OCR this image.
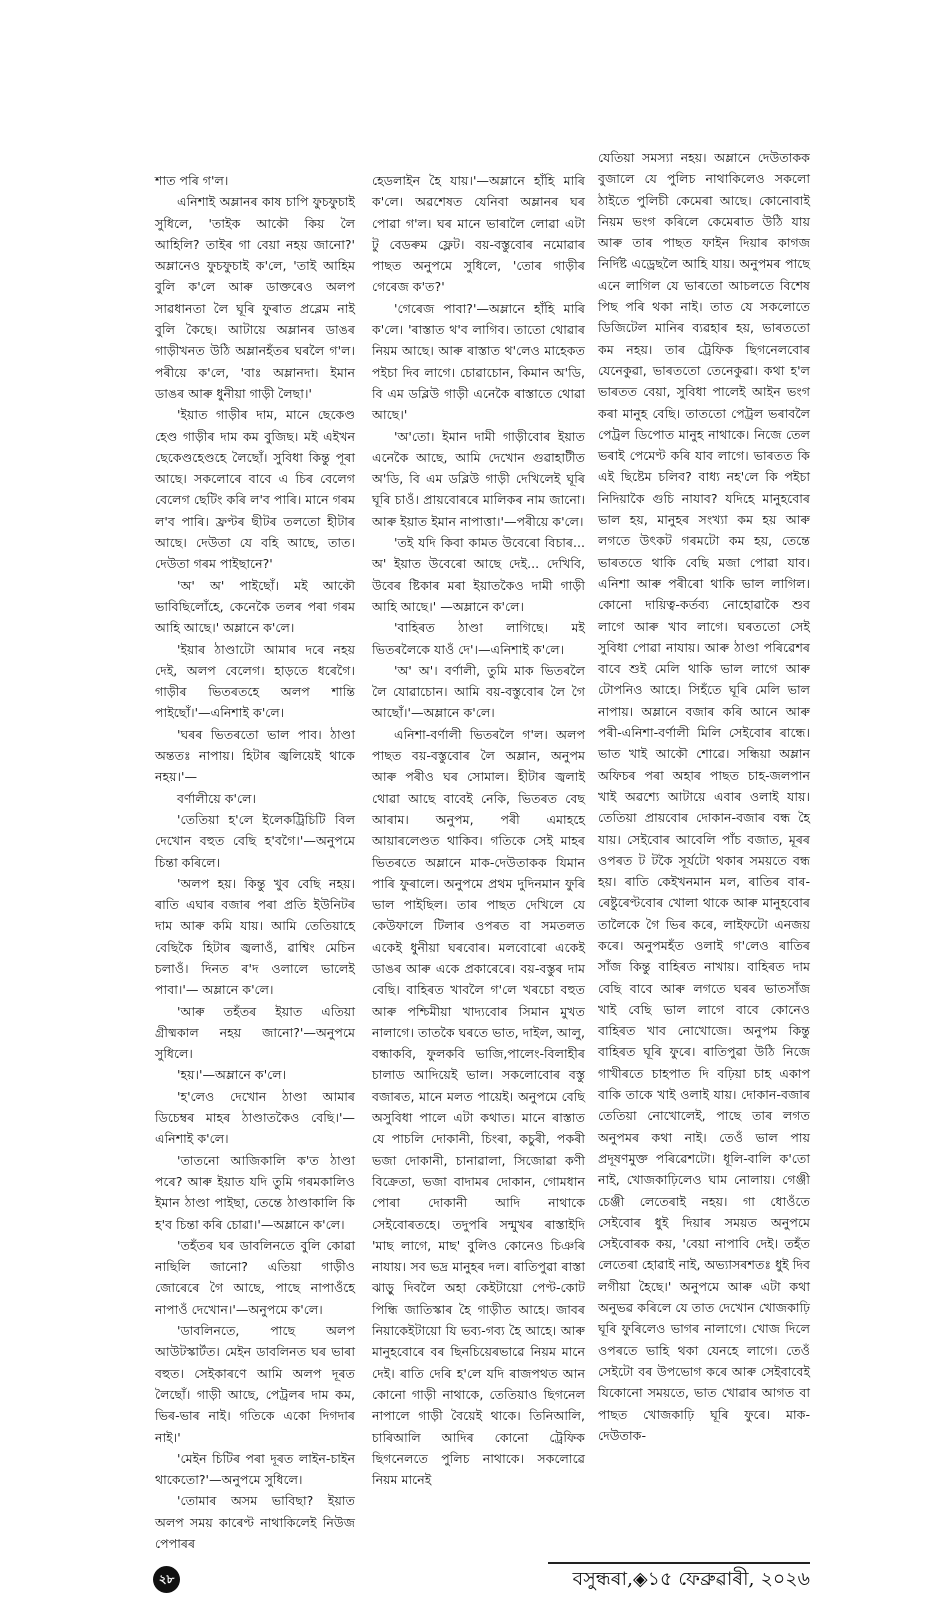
শাত পৰি গ'ল।

এনিশাই অম্লানৰ কাষ চাপি ফুচফুচাই সুধিলে, 'তাইক আকৌ কিয় লৈ আহিলি? তাইৰ গা বেয়া নহয় জানো?' অম্লানেও ফুচফুচাই ক'লে, 'তাই আহিম বুলি ক'লে আৰু ডাক্তৰেও অলপ সাৱধানতা লৈ ঘূৰি ফুৰাত প্ৰব্লেম নাই বুলি কৈছে। আটায়ে অম্লানৰ ডাঙৰ গাড়ীখনত উঠি অম্লানহঁতৰ ঘৰলৈ গ'ল। পৰীয়ে ক'লে, 'বাঃ অম্লানদা। ইমান ডাঙৰ আৰু ধুনীয়া গাড়ী লৈছা।'

'ইয়াত গাড়ীৰ দাম, মানে ছেকেণ্ড হেণ্ড গাড়ীৰ দাম কম বুজিছ। মই এইখন ছেকেণ্ডহেণ্ডহে লৈছোঁ। সুবিধা কিন্তু পূৰা আছে। সকলোৰে বাবে এ চিৰ বেলেগ বেলেগ ছেটিং কৰি ল'ব পাৰি। মানে গৰম ল'ব পাৰি। ফ্ৰণ্টৰ ছীটৰ তলতো হীটাৰ আছে। দেউতা যে বহি আছে, তাত। দেউতা গৰম পাইছানে?'

'অ' অ' পাইছোঁ। মই আকৌ ভাবিছিলোঁহে, কেনেকৈ তলৰ পৰা গৰম আহি আছে।' অম্লানে ক'লে।

'ইয়াৰ ঠাণ্ডাটো আমাৰ দৰে নহয় দেই, অলপ বেলেগ। হাড়তে ধৰেগৈ। গাড়ীৰ ভিতৰতহে অলপ শান্তি পাইছোঁ।'—এনিশাই ক'লে।

'ঘৰৰ ভিতৰতো ভাল পাব। ঠাণ্ডা অন্ততঃ নাপায়। হিটাৰ জ্বলিয়েই থাকে নহয়।'—

বৰ্ণালীয়ে ক'লে।

'তেতিয়া হ'লে ইলেকট্ৰিচিটি বিল দেখোন বহুত বেছি হ'বগৈ।'—অনুপমে চিন্তা কৰিলে।

'অলপ হয়। কিন্তু খুব বেছি নহয়। ৰাতি এঘাৰ বজাৰ পৰা প্ৰতি ইউনিটৰ দাম আৰু কমি যায়। আমি তেতিয়াহে বেছিকৈ হিটাৰ জ্বলাওঁ, ৱাশ্বিং মেচিন চলাওঁ। দিনত ৰ'দ ওলালে ভালেই পাবা।'— অম্লানে ক'লে।

'আৰু তহঁতৰ ইয়াত এতিয়া গ্ৰীষ্মকাল নহয় জানো?'—অনুপমে সুধিলে।

'হয়।'—অম্লানে ক'লে।

'হ'লেও দেখোন ঠাণ্ডা আমাৰ ডিচেম্বৰ মাহৰ ঠাণ্ডাতকৈও বেছি।'—এনিশাই ক'লে।

'তাতনো আজিকালি ক'ত ঠাণ্ডা পৰে? আৰু ইয়াত যদি তুমি গৰমকালিও ইমান ঠাণ্ডা পাইছা, তেন্তে ঠাণ্ডাকালি কি হ'ব চিন্তা কৰি চোৱা।'—অম্লানে ক'লে।

'তহঁতৰ ঘৰ ডাবলিনতে বুলি কোৱা নাছিলি জানো? এতিয়া গাড়ীও জোৰেৰে গৈ আছে, পাছে নাপাওঁহে নাপাওঁ দেখোন।'—অনুপমে ক'লে।

'ডাবলিনতে, পাছে অলপ আউটস্কাৰ্টত। মেইন ডাবলিনত ঘৰ ভাৰা বহুত। সেইকাৰণে আমি অলপ দূৰত লৈছোঁ। গাড়ী আছে, পেট্ৰলৰ দাম কম, ভিৰ-ভাৰ নাই। গতিকে একো দিগদাৰ নাই।'

'মেইন চিটিৰ পৰা দূৰত লাইন-চাইন থাকেতো?'—অনুপমে সুধিলে।

'তোমাৰ অসম ভাবিছা? ইয়াত অলপ সময় কাৰেণ্ট নাথাকিলেই নিউজ পেপাৰৰ

হেডলাইন হৈ যায়।'—অম্লানে হাঁহি মাৰি ক'লে। অৱশেষত যেনিবা অম্লানৰ ঘৰ পোৱা গ'ল। ঘৰ মানে ভাৰালৈ লোৱা এটা টু বেডৰুম ফ্লেট। বয়-বস্তুবোৰ নমোৱাৰ পাছত অনুপমে সুধিলে, 'তোৰ গাড়ীৰ গেৰেজ ক'ত?'

'গেৰেজ পাবা?'—অম্লানে হাঁহি মাৰি ক'লে। 'ৰাস্তাত থ'ব লাগিব। তাতো থোৱাৰ নিয়ম আছে। আৰু ৰাস্তাত থ'লেও মাহেকত পইচা দিব লাগে। চোৱাচোন, কিমান অ'ডি, বি এম ডব্লিউ গাড়ী এনেকৈ ৰাস্তাতে থোৱা আছে।'

'অ'তো। ইমান দামী গাড়ীবোৰ ইয়াত এনেকৈ আছে, আমি দেখোন গুৱাহাটীত অ'ডি, বি এম ডব্লিউ গাড়ী দেখিলেই ঘূৰি ঘূৰি চাওঁ। প্ৰায়বোৰৰে মালিকৰ নাম জানো। আৰু ইয়াত ইমান নাপাত্তা।'—পৰীয়ে ক'লে।

'তই যদি কিবা কামত উবেৰো বিচাৰ... অ' ইয়াত উবেৰো আছে দেই... দেখিবি, উবেৰ ষ্টিকাৰ মৰা ইয়াতকৈও দামী গাড়ী আহি আছে।' —অম্লানে ক'লে।

'বাহিৰত ঠাণ্ডা লাগিছে। মই ভিতৰলৈকে যাওঁ দে'।—এনিশাই ক'লে।

'অ' অ'। বৰ্ণালী, তুমি মাক ভিতৰলৈ লৈ যোৱাচোন। আমি বয়-বস্তুবোৰ লৈ গৈ আছোঁ।'—অম্লানে ক'লে।

এনিশা-বৰ্ণালী ভিতৰলৈ গ'ল। অলপ পাছত বয়-বস্তুবোৰ লৈ অম্লান, অনুপম আৰু পৰীও ঘৰ সোমাল। হীটাৰ জ্বলাই থোৱা আছে বাবেই নেকি, ভিতৰত বেছ আৰাম। অনুপম, পৰী এমাহহে আয়াৰলেণ্ডত থাকিব। গতিকে সেই মাহৰ ভিতৰতে অম্লানে মাক-দেউতাকক যিমান পাৰি ফুৰালে। অনুপমে প্ৰথম দুদিনমান ফুৰি ভাল পাইছিল। তাৰ পাছত দেখিলে যে কেউফালে টিলাৰ ওপৰত বা সমতলত একেই ধুনীয়া ঘৰবোৰ। মলবোৰো একেই ডাঙৰ আৰু একে প্ৰকাৰেৰে। বয়-বস্তুৰ দাম বেছি। বাহিৰত খাবলৈ গ'লে খৰচো বহুত আৰু পশ্চিমীয়া খাদ্যবোৰ সিমান মুখত নালাগে। তাতকৈ ঘৰতে ভাত, দাইল, আলু, বন্ধাকবি, ফুলকবি ভাজি,পালেং-বিলাহীৰ চালাড আদিয়েই ভাল। সকলোবোৰ বস্তু বজাৰত, মানে মলত পায়েই। অনুপমে বেছি অসুবিধা পালে এটা কথাত। মানে ৰাস্তাত যে পাচলি দোকানী, চিংৰা, কচুৰী, পকৰী ভজা দোকানী, চানাৱালা, সিজোৱা কণী বিক্ৰেতা, ভজা বাদামৰ দোকান, গোমধান পোৰা দোকানী আদি নাথাকে সেইবোৰতহে। তদুপৰি সন্মুখৰ ৰাস্তাইদি 'মাছ লাগে, মাছ' বুলিও কোনেও চিঞৰি নাযায়। সব ভদ্ৰ মানুহৰ দল। ৰাতিপুৱা ৰাস্তা ঝাড়ু দিবলৈ অহা কেইটায়ো পেণ্ট-কোট পিন্ধি জাতিস্কাৰ হৈ গাড়ীত আহে। জাবৰ নিয়াকেইটায়ো যি ভব্য-গব্য হৈ আহে। আৰু মানুহবোৰে বৰ ছিনচিয়েৰভাৱে নিয়ম মানে দেই। ৰাতি দেৰি হ'লে যদি ৰাজপথত আন কোনো গাড়ী নাথাকে, তেতিয়াও ছিগনেল নাপালে গাড়ী বৈয়েই থাকে। তিনিআলি, চাৰিআলি আদিৰ কোনো ট্ৰেফিক ছিগনেলতে পুলিচ নাথাকে। সকলোৱে নিয়ম মানেই

যেতিয়া সমস্যা নহয়। অম্লানে দেউতাকক বুজালে যে পুলিচ নাথাকিলেও সকলো ঠাইতে পুলিচী কেমেৰা আছে। কোনোবাই নিয়ম ভংগ কৰিলে কেমেৰাত উঠি যায় আৰু তাৰ পাছত ফাইন দিয়াৰ কাগজ নিৰ্দিষ্ট এড্ৰেছলৈ আহি যায়। অনুপমৰ পাছে এনে লাগিল যে ভাৰতো আচলতে বিশেষ পিছ পৰি থকা নাই। তাত যে সকলোতে ডিজিটেল মানিৰ ব্যৱহাৰ হয়, ভাৰততো কম নহয়। তাৰ ট্ৰেফিক ছিগনেলবোৰ যেনেকুৱা, ভাৰততো তেনেকুৱা। কথা হ'ল ভাৰতত বেয়া, সুবিধা পালেই আইন ভংগ কৰা মানুহ বেছি। তাততো পেট্ৰল ভৰাবলৈ পেট্ৰল ডিপোত মানুহ নাথাকে। নিজে তেল ভৰাই পেমেণ্ট কৰি যাব লাগে। ভাৰতত কি এই ছিষ্টেম চলিব? বাধ্য নহ'লে কি পইচা নিদিয়াকৈ গুচি নাযাব? যদিহে মানুহবোৰ ভাল হয়, মানুহৰ সংখ্যা কম হয় আৰু লগতে উৎকট গৰমটো কম হয়, তেন্তে ভাৰততে থাকি বেছি মজা পোৱা যাব। এনিশা আৰু পৰীৰো থাকি ভাল লাগিল। কোনো দায়িত্ব-কৰ্তব্য নোহোৱাকৈ শুব লাগে আৰু খাব লাগে। ঘৰততো সেই সুবিধা পোৱা নাযায়। আৰু ঠাণ্ডা পৰিৱেশৰ বাবে শুই মেলি থাকি ভাল লাগে আৰু টোপনিও আহে। সিহঁতে ঘূৰি মেলি ভাল নাপায়। অম্লানে বজাৰ কৰি আনে আৰু পৰী-এনিশা-বৰ্ণালী মিলি সেইবোৰ ৰান্ধে। ভাত খাই আকৌ শোৱে। সন্ধিয়া অম্লান অফিচৰ পৰা অহাৰ পাছত চাহ-জলপান খাই অৱশ্যে আটায়ে এবাৰ ওলাই যায়। তেতিয়া প্ৰায়বোৰ দোকান-বজাৰ বন্ধ হৈ যায়। সেইবোৰ আবেলি পাঁচ বজাত, মূৰৰ ওপৰত ট টকৈ সূৰ্যটো থকাৰ সময়তে বন্ধ হয়। ৰাতি কেইখনমান মল, ৰাতিৰ বাৰ-ৰেষ্টুৰেণ্টবোৰ খোলা থাকে আৰু মানুহবোৰ তালৈকে গৈ ভিৰ কৰে, লাইফটো এনজয় কৰে। অনুপমহঁত ওলাই গ'লেও ৰাতিৰ সাঁজ কিন্তু বাহিৰত নাখায়। বাহিৰত দাম বেছি বাবে আৰু লগতে ঘৰৰ ভাতসাঁজ খাই বেছি ভাল লাগে বাবে কোনেও বাহিৰত খাব নোখোজে। অনুপম কিন্তু বাহিৰত ঘূৰি ফুৰে। ৰাতিপুৱা উঠি নিজে গাখীৰতে চাহপাত দি বঢ়িয়া চাহ একাপ বাকি তাকে খাই ওলাই যায়। দোকান-বজাৰ তেতিয়া নোখোলেই, পাছে তাৰ লগত অনুপমৰ কথা নাই। তেওঁ ভাল পায় প্ৰদূষণমুক্ত পৰিৱেশটো। ধূলি-বালি ক'তো নাই, খোজকাঢ়িলেও ঘাম নোলায়। গেঞ্জী চেঞ্জী লেতেৰাই নহয়। গা ধোওঁতে সেইবোৰ ধুই দিয়াৰ সময়ত অনুপমে সেইবোৰক কয়, 'বেয়া নাপাবি দেই। তহঁত লেতেৰা হোৱাই নাই, অভ্যাসৰশতঃ ধুই দিব লগীয়া হৈছে।' অনুপমে আৰু এটা কথা অনুভৱ কৰিলে যে তাত দেখোন খোজকাঢ়ি ঘূৰি ফুৰিলেও ভাগৰ নালাগে। খোজ দিলে ওপৰতে ভাহি থকা যেনহে লাগে। তেওঁ সেইটো বৰ উপভোগ কৰে আৰু সেইবাবেই যিকোনো সময়তে, ভাত খোৱাৰ আগত বা পাছত খোজকাঢ়ি ঘূৰি ফুৰে। মাক-দেউতাক-

২৮	বসুন্ধৰা,◈১৫ ফেব্ৰুৱাৰী, ২০২৬
